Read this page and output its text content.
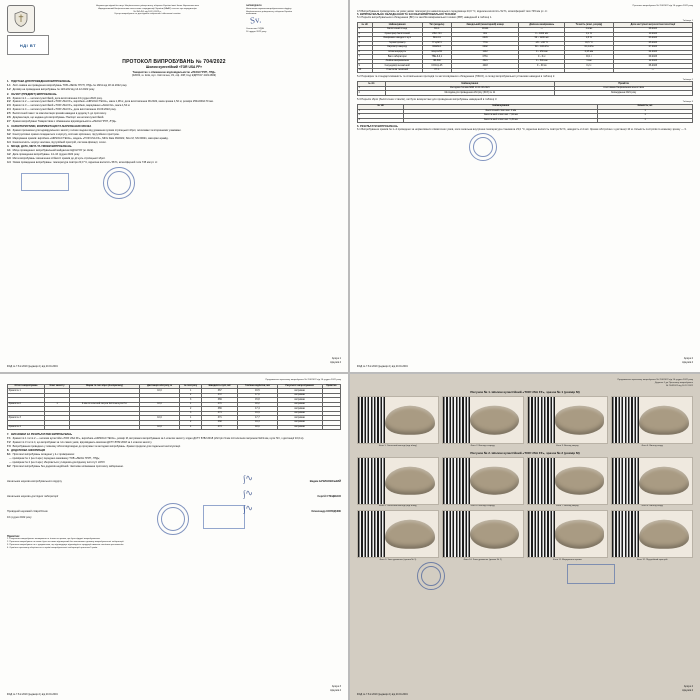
НДІ ВТ
Науково-дослідний інститут Національного університету оборони України імені Івана Черняховського
Акредитований Національним агентством з акредитації України (НААУ) атестат про акредитацію
№ 2Н1451 від 18.11.2022 р.
Центр випробувань та досліджень озброєння і військової техніки
ЗАТВЕРДЖУЮ
Начальник науково-випробувального відділу
Національного університету оборони України
полковник
Sv.
Святослав СУДІН
16 грудня 2022 року
ПРОТОКОЛ ВИПРОБУВАНЬ № 704/2022
Шолом кулестійкий «ТОR USA FF»
Товариство з обмеженою відповідальністю «ЛЕОН ГРУП, ЛТД»
(02093, м. Київ, вул. Світлична, 33, оф. 408; Код ЄДРПОУ 43214699)
1. ПІДСТАВА ДЛЯ ПРОВЕДЕННЯ ВИПРОБУВАНЬ
1.1 Лист-заявка на проведення випробувань ТОВ «ЛЕОН ГРУП, ЛТД» № 18/11 від 18.11.2022 року.
1.2 Договір на проведення випробувань № 12/11/22 від 14.12.2022 року.
2. ОБ'ЄКТ (ПРЕДМЕТ) ВИПРОБУВАНЬ
2.1 Зразок № 1 — шолом кулестійкий, дата виготовлення 13 грудня 2022 року.
2.2 Зразок № 2 — шолом кулестійкий «TOR USA FF», виробник «AIRSOLD TECH», маса 1,38 кг, дата виготовлення 09.2022, маса зразка 1,52 кг, розміри 250х200х170 мм.
2.3 Зразок № 3 — шолом кулестійкий «TOR USA FF», виробник, маркування «АІНН 02», маса 1,54 кг.
2.4 Зразок № 4 — шолом кулестійкий «TOR USA FF», дата виготовлення 19.09.2022 року.
2.5 Балістичний пакет та комплектація зразків наведені в додатку 1 до протоколу.
2.6 Документація, що надана для випробувань: Паспорт на шолом кулестійкий.
2.7 Зразки випробувано Товариством з обмеженою відповідальністю «ЛЕОН ГРУП, ЛТД».
3. ХАРАКТЕРИСТИКИ, КОМПЛЕКТАЦІЯ ТА МАРКУВАННЯ ЗРАЗКА
3.1 Зразки призначені для індивідуального захисту голови людини від ураження кулями стрілецької зброї, осколками та вторинними уламками.
3.2 Конструктивно зразки складаються з корпусу, системи кріплення, підтулійного пристрою.
3.3 Маркування зразків: виробник «AIRSOLD TECH», модель «TOR USA FF», MFG Date 09/2022, Size М, SN 00021, матеріал арамід.
3.4 Комплектність: корпус шолома, підтулійний пристрій, система фіксації, чохол.
4. МІСЦЕ, ДАТА, МЕТА ТА УМОВИ ВИПРОБУВАНЬ
4.1 Місце проведення: випробувальний майданчик НДІ НУОУ (м. Київ).
4.2 Дата проведення випробувань: 14–16 грудня 2022 року.
4.3 Мета випробувань: визначення стійкості зразків до дії куль стрілецької зброї.
4.4 Умови проведення випробувань: температура повітря 23,0 °C, відносна вологість 58 %, атмосферний тиск 745 мм рт. ст.
Аркуш 1
Аркушів 4
ФСД № 7.8.2-2019 (редакція 1) від 20.01.2019
Протокол випробувань № 704/2022 від 16 грудня 2022 року
4.5 Випробування проводились за умов умови температури навколишнього середовища 23,0 °C, відносна вологість 52 %, атмосферний тиск 745 мм рт. ст.
5. ВИПРОБУВАЛЬНЕ ОБЛАДНАННЯ ТА ЗАСОБИ ВИМІРЮВАЛЬНОЇ ТЕХНІКИ
5.1 Перелік випробувального обладнання (ВО) та засобів вимірювальної техніки (ЗВТ) наведений в таблиці 1.
Таблиця 1
№ з/п	Найменування	Тип (модель)	Заводський (інвентарний) номер	Діапазон вимірювань	Точність (клас, розряд)	Дата наступної метрологічної атестації
1	Балістичний стенд	БС-1	00124	—	1 клас	08.2023
2	Хронограф балістичний	ИБХ-733	001	0 – 1000 м/с	0,1 %	10.2023
3	Вимірювач швидкості кулі	ВСК-01	0345	50 – 1200 м/с	0,5 %	03.2023
4	Термогігрометр	ТГЦ-МГ4	7731	-20…+60 °C	±0,5 °C	05.2023
5	Барометр-анероїд	БАММ-1	0092	80 – 106 кПа	±0,2 кПа	07.2023
6	Штангенциркуль	ШЦ-II-250	1142	0 – 250 мм	0,05 мм	04.2023
7	Ваги лабораторні	ТВЕ-6-0,1	0761	0 – 6 кг	±0,1 г	09.2023
8	Лінійка вимірювальна	ЛВ-500	3321	0 – 500 мм	1 мм	12.2023
9	Секундомір механічний	СОСпр-2б	4418	0 – 30 хв	0,2 с	06.2023
10	Пластилін технічний	ПТ-1	—	—	—	—
5.2 Перевірка та стандартизованість та сповільнення приладів та застосовуваного обладнання (ПЗСО), в складі випробувальної установки наведені в таблиці 2.
Таблиця 2
№ з/п	Найменування	Примітка
1	Методика Типова МВВ 10.01.08-2021	Атестована Національним агентством
2	Методика для проведення обстрілу (ЗСУ) № 11	Затверджена 2021 року
5.3 Перелік зброї (балістичних стволів), які були використані для проведення випробувань наведений в таблиці 3.
Таблиця 3
№ з/п	Найменування	Кількість, шт.
1	Балістичний ствол кал. 9 мм	1
2	Балістичний ствол кал. 7,62 мм	1
3	Балістичний ствол кал. 5,45 мм	1
6. РЕЗУЛЬТАТИ ВИПРОБУВАНЬ
6.1 Випробування зразків № 1–4 проведено за нормативних кліматичних умов, коли загальна внутрішня температура становила 23,0 °C, відносна вологість повітря 52 %, швидкість 2-4 м/с. Зразки обстріляно з дистанції 10 м. Кількість пострілів по кожному зразку — 3.
Аркуш 2
Аркушів 4
ФСД № 7.8.2-2019 (редакція 1) від 20.01.2019
Продовження протоколу випробувань № 704/2022 від 16 грудня 2022 року
Об'єкт випробувань	Клас захисту	Марка та тип зброї (боєприпасу)	Дистанція обстрілу, м	№ пострілу	Швидкість кулі, м/с	Глибина відбитка, мм	Результат випробування	Примітка
Зразок № 1			10,0	1	367	16,5	витримав	
				2	372	17,0	витримав	
				3	369	15,8	витримав	
Зразок № 2	1	9 мм пістолетний патрон 9х19 мм куля Пст	10,0	1	370	18,2	витримав	
				2	366	17,4	витримав	
				3	374	16,9	витримав	
Зразок № 3			10,0	1	371	17,7	витримав	
				2	368	16,3	витримав	
Зразок № 4			10,0	1	373	18,0	витримав	
7. ВИСНОВКИ ЗА РЕЗУЛЬТАТАМИ ВИПРОБУВАНЬ
7.1 Зразки № 1 та № 2 — шоломи кулестійкі «TOR USA FF», виробник «AIRSOLD TECH», розмір М, витримали випробування за 1 класом захисту згідно ДСТУ 8782:2018 (обстріл 9 мм пістолетним патроном 9х19 мм, куля Пст, з дистанції 10,0 м).
7.2 Зразки № 3 та № 4, що випробувані за тих самих умов, відповідають вимогам ДСТУ 8782:2018 за 1 класом захисту.
7.3 Випробування проведено у повному обсязі відповідно до програми та методики випробувань. Зразки придатні для подальшої експлуатації.
8. ДОДАТКОВА ІНФОРМАЦІЯ
8.1 Протокол випробувань складено у 2-х примірниках:
— примірник № 1 (на 4 арк.) передано замовнику ТОВ «ЛЕОН ГРУП, ЛТД»;
— примірник № 2 (на 4 арк.) зберігається у Науково-дослідному інституті НУОУ.
8.2 Протокол випробувань без додатків недійсний. Часткове копіювання протоколу заборонено.
Начальник науково-випробувального відділу	∫∿	Вадим БУЗИНОВСЬКИЙ
Начальник науково-дослідної лабораторії	∫∿	Сергій СТЕЦЕНКО
Провідний науковий співробітник	∫∿	Олександр КОЛОДЧИК
16 грудня 2022 року
Примітки:
1. Результати випробувань поширюються тільки на зразки, що були піддані випробуванням.
2. Протокол випробувань не може бути частково відтворений без письмового дозволу випробувальної лабораторії.
3. Протокол випробувань не є документом, що підтверджує відповідність продукції вимогам технічних регламентів.
4. Оригінал протоколу зберігається в архіві випробувальної лабораторії протягом 5 років.
Аркуш 3
Аркушів 4
ФСД № 7.8.2-2019 (редакція 1) від 20.01.2019
Продовження протоколу випробувань № 704/2022 від 16 грудня 2022 року
Додаток 1 до Протоколу випробувань
№ 704/2022 від 16.12.2022
Рисунок № 1. Шолом кулестійкий «TOR USA FF», зразок № 1 (розмір М)
Фото 1. Загальний вигляд (вид збоку)	Фото 2. Вигляд спереду	Фото 3. Вигляд зверху	Фото 4. Вигляд ззаду
Рисунок № 2. Шолом кулестійкий «TOR USA FF», зразок № 2 (розмір М)
Фото 5. Загальний вигляд (вид збоку)	Фото 6. Вигляд спереду	Фото 7. Вигляд зверху	Фото 8. Вигляд ззаду
Фото 9. Зона ураження (зразок № 1)	Фото 10. Зона ураження (зразок № 2)	Фото 11. Маркування зразка	Фото 12. Підтулійний пристрій
Аркуш 4
Аркушів 4
ФСД № 7.8.2-2019 (редакція 1) від 20.01.2019
